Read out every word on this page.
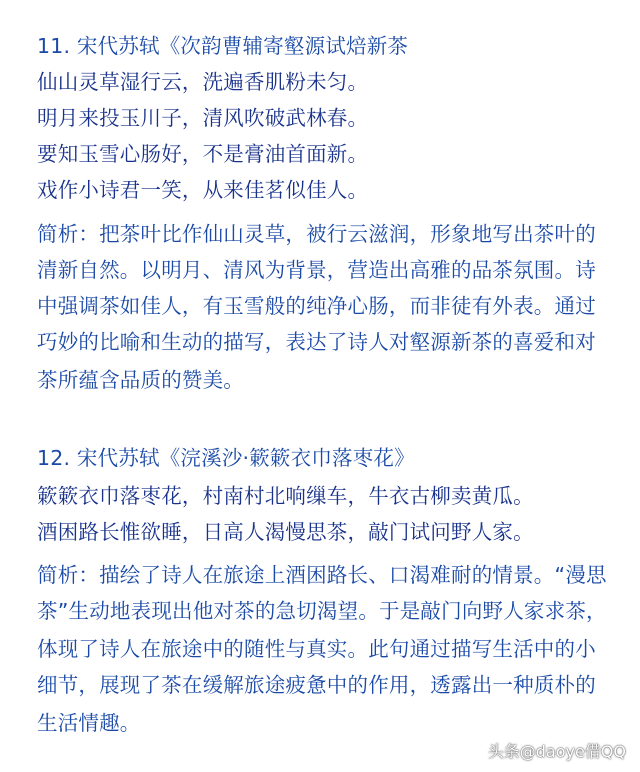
11. 宋代苏轼《次韵曹辅寄壑源试焙新茶
仙山灵草湿行云，洗遍香肌粉未匀。
明月来投玉川子，清风吹破武林春。
要知玉雪心肠好，不是膏油首面新。
戏作小诗君一笑，从来佳茗似佳人。
简析：把茶叶比作仙山灵草，被行云滋润，形象地写出茶叶的
清新自然。以明月、清风为背景，营造出高雅的品茶氛围。诗
中强调茶如佳人，有玉雪般的纯净心肠，而非徒有外表。通过
巧妙的比喻和生动的描写，表达了诗人对壑源新茶的喜爱和对
茶所蕴含品质的赞美。
12. 宋代苏轼《浣溪沙·簌簌衣巾落枣花》
簌簌衣巾落枣花，村南村北响缫车，牛衣古柳卖黄瓜。
酒困路长惟欲睡，日高人渴慢思茶，敲门试问野人家。
简析：描绘了诗人在旅途上酒困路长、口渴难耐的情景。“漫思
茶”生动地表现出他对茶的急切渴望。于是敲门向野人家求茶，
体现了诗人在旅途中的随性与真实。此句通过描写生活中的小
细节，展现了茶在缓解旅途疲惫中的作用，透露出一种质朴的
生活情趣。
头条@daoye借QQ
